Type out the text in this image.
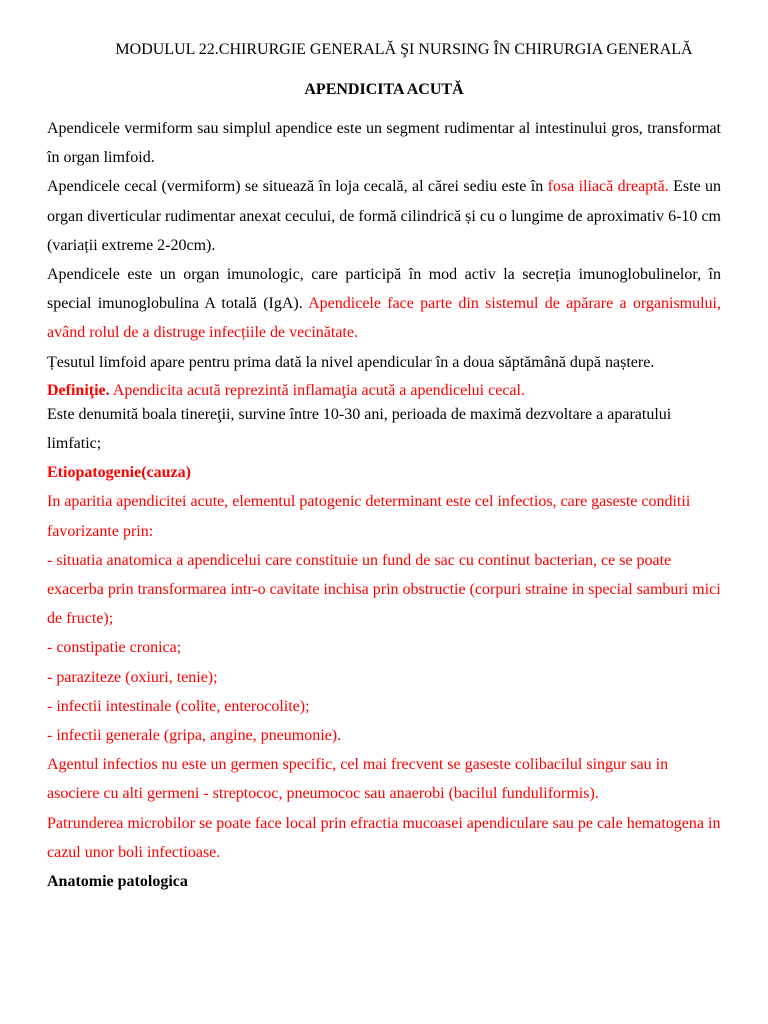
MODULUL 22.CHIRURGIE GENERALĂ ŞI NURSING ÎN CHIRURGIA GENERALĂ

APENDICITA ACUTĂ

Apendicele vermiform sau simplul apendice este un segment rudimentar al intestinului gros, transformat în organ limfoid.

Apendicele cecal (vermiform) se situează în loja cecală, al cărei sediu este în fosa iliacă dreaptă. Este un organ diverticular rudimentar anexat cecului, de formă cilindrică și cu o lungime de aproximativ 6-10 cm (variații extreme 2-20cm).

Apendicele este un organ imunologic, care participă în mod activ la secreția imunoglobulinelor, în special imunoglobulina A totală (IgA). Apendicele face parte din sistemul de apărare a organismului, având rolul de a distruge infecțiile de vecinătate.

Țesutul limfoid apare pentru prima dată la nivel apendicular în a doua săptămână după naștere.

Definiţie. Apendicita acută reprezintă inflamaţia acută a apendicelui cecal.

Este denumită boala tinereţii, survine între 10-30 ani, perioada de maximă dezvoltare a aparatului limfatic;

Etiopatogenie(cauza)

In aparitia apendicitei acute, elementul patogenic determinant este cel infectios, care gaseste conditii favorizante prin:

- situatia anatomica a apendicelui care constituie un fund de sac cu continut bacterian, ce se poate exacerba prin transformarea intr-o cavitate inchisa prin obstructie (corpuri straine in special samburi mici de fructe);

- constipatie cronica;

- paraziteze (oxiuri, tenie);

- infectii intestinale (colite, enterocolite);

- infectii generale (gripa, angine, pneumonie).

Agentul infectios nu este un germen specific, cel mai frecvent se gaseste colibacilul singur sau in asociere cu alti germeni - streptococ, pneumococ sau anaerobi (bacilul funduliformis).

Patrunderea microbilor se poate face local prin efractia mucoasei apendiculare sau pe cale hematogena in cazul unor boli infectioase.

Anatomie patologica
